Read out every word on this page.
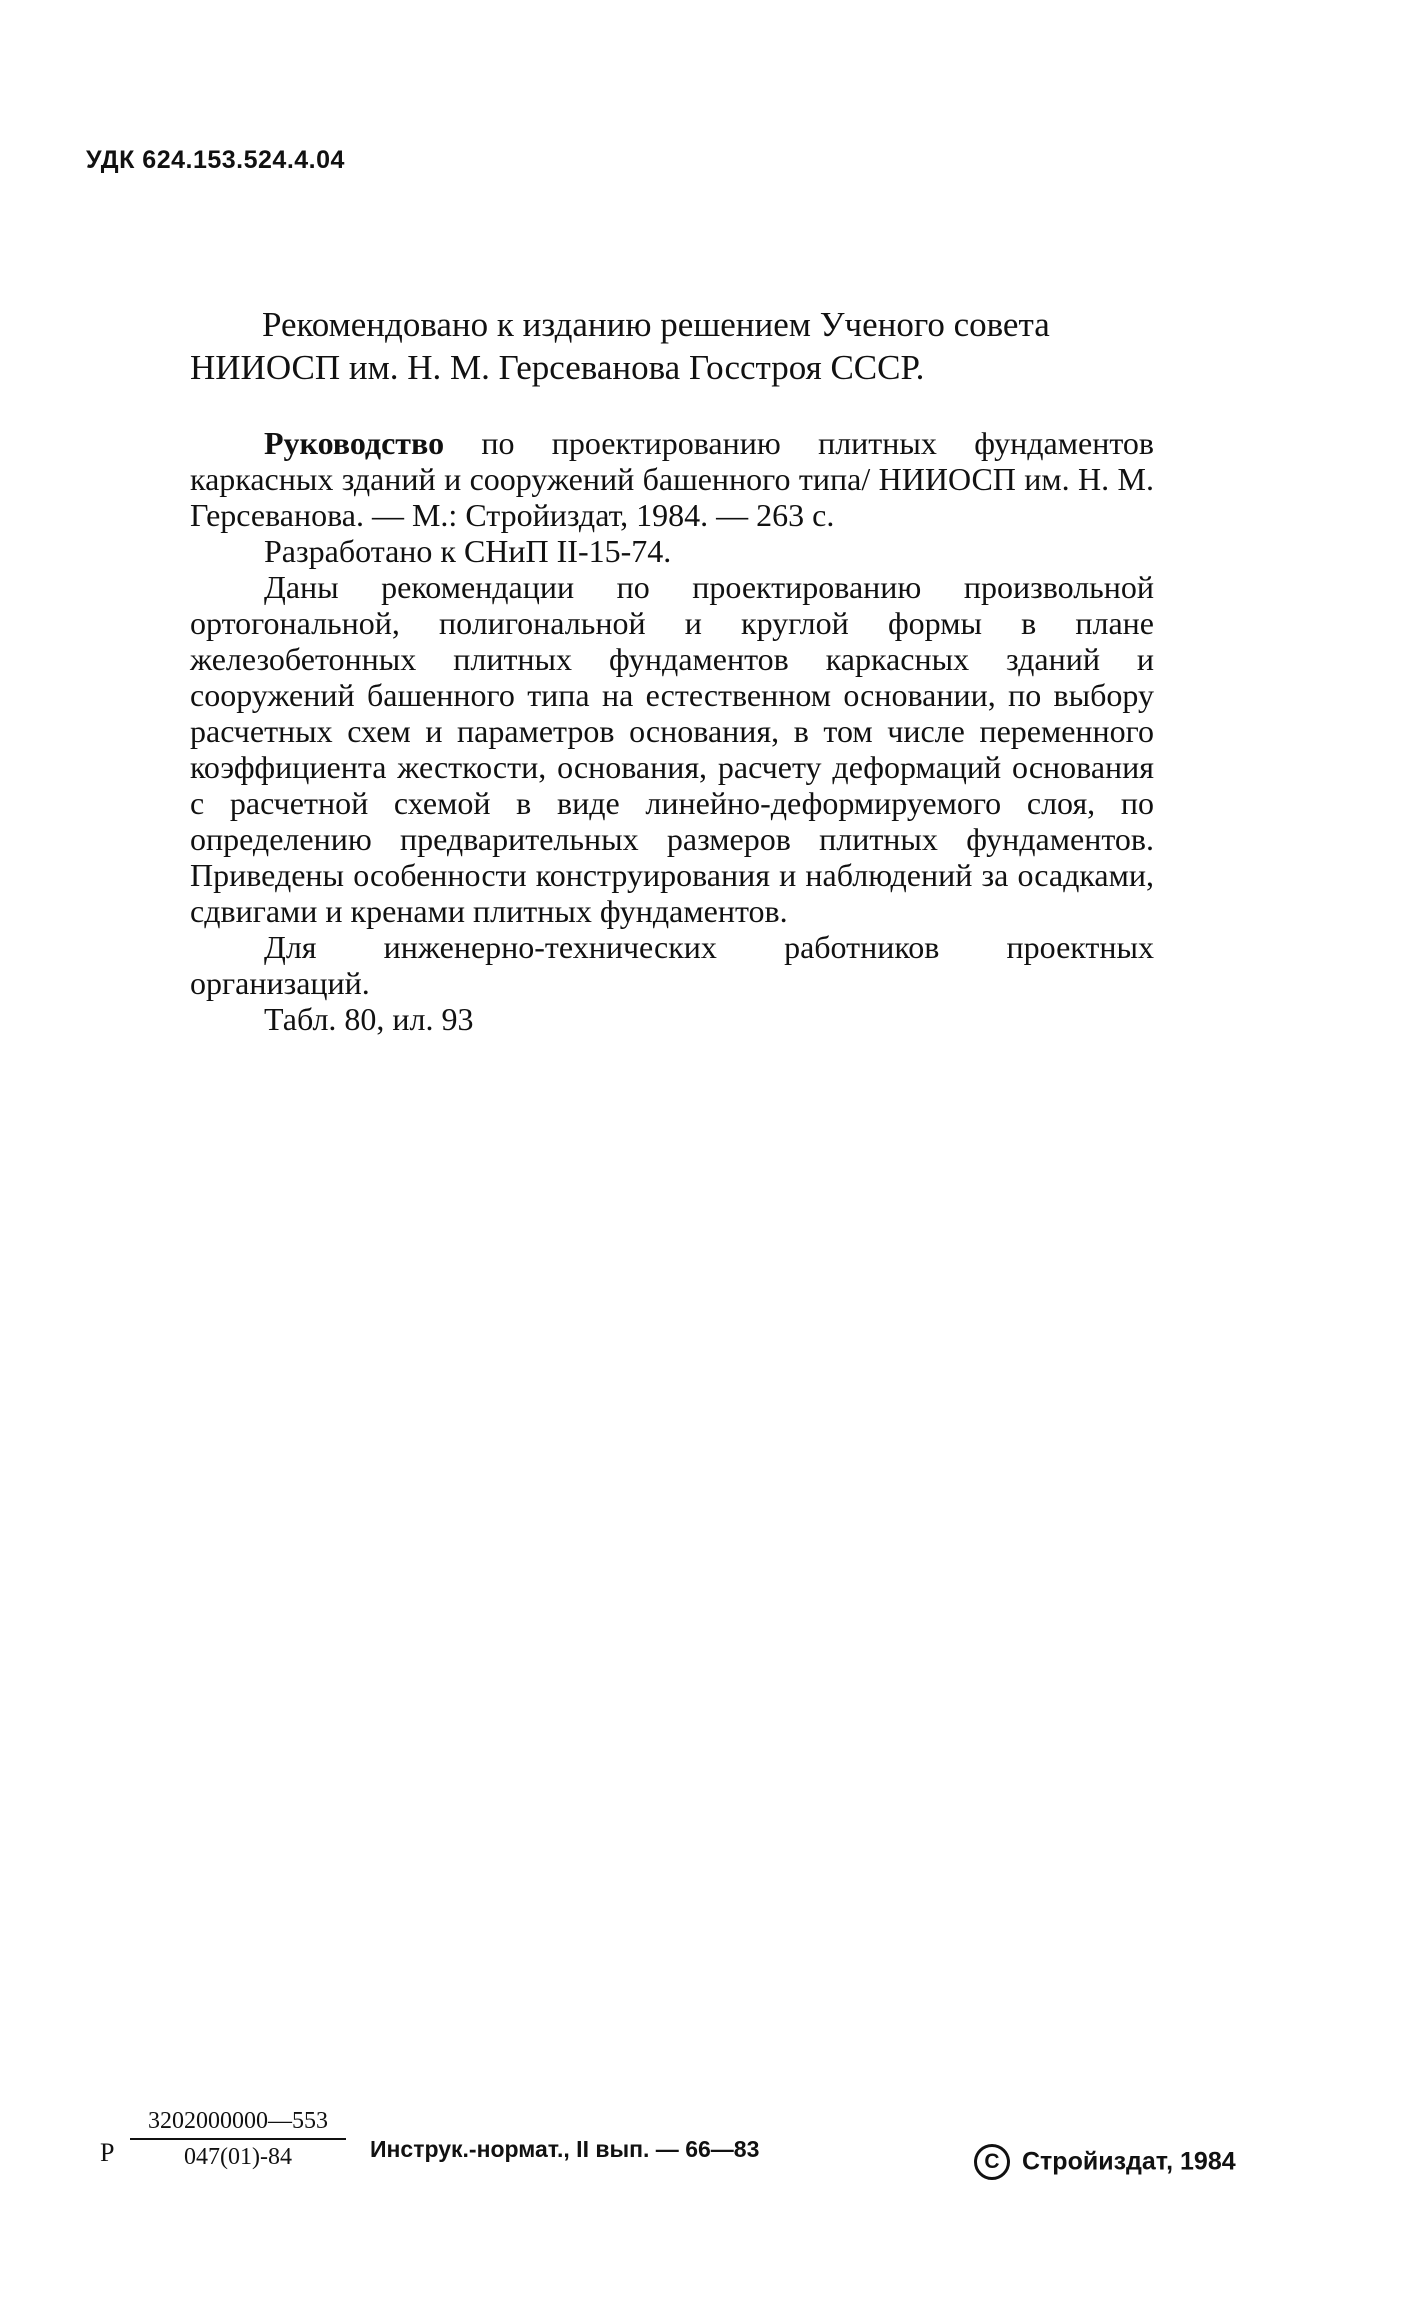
УДК 624.153.524.4.04
Рекомендовано к изданию решением Ученого совета
НИИОСП им. Н. М. Герсеванова Госстроя СССР.

Руководство по проектированию плитных фундаментов каркасных зданий и сооружений башенного типа/ НИИОСП им. Н. М. Герсеванова. — М.: Стройиздат, 1984. — 263 с.

Разработано к СНиП II-15-74.

Даны рекомендации по проектированию произвольной ортогональной, полигональной и круглой формы в плане железобетонных плитных фундаментов каркасных зданий и сооружений башенного типа на естественном основании, по выбору расчетных схем и параметров основания, в том числе переменного коэффициента жесткости, основания, расчету деформаций основания с расчетной схемой в виде линейно-деформируемого слоя, по определению предварительных размеров плитных фундаментов. Приведены особенности конструирования и наблюдений за осадками, сдвигами и кренами плитных фундаментов.

Для инженерно-технических работников проектных организаций.

Табл. 80, ил. 93

Р $\frac{3202000000—553}{047(01)-84}$ Инструк.-нормат., II вып. — 66—83	C Стройиздат, 1984
